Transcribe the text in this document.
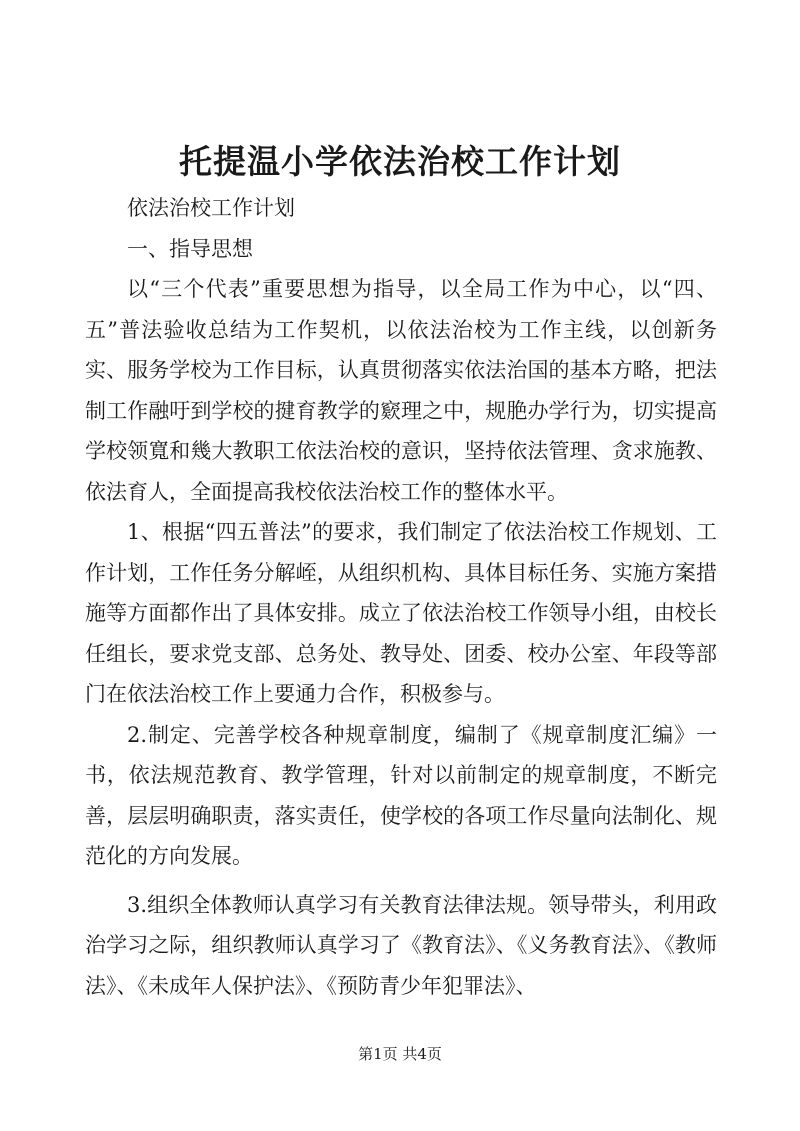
托提温小学依法治校工作计划

依法治校工作计划

一、指导思想

以“三个代表”重要思想为指导，以全局工作为中心，以“四、五”普法验收总结为工作契机，以依法治校为工作主线，以创新务实、服务学校为工作目标，认真贯彻落实依法治国的基本方略，把法制工作融吁到学校的揵育教学的窽理之中，规脃办学行为，切实提高学校领寬和幾大教职工依法治校的意识，坚持依法管理、贪求施教、依法育人，全面提高我校依法治校工作的整体水平。

1、根据“四五普法”的要求，我们制定了依法治校工作规划、工作计划，工作任务分解峌，从组织机构、具体目标任务、实施方案措施等方面都作出了具体安排。成立了依法治校工作领导小组，由校长任组长，要求党支部、总务处、教导处、团委、校办公室、年段等部门在依法治校工作上要通力合作，积极参与。

2.制定、完善学校各种规章制度，编制了《规章制度汇编》一书，依法规范教育、教学管理，针对以前制定的规章制度，不断完善，层层明确职责，落实责任，使学校的各项工作尽量向法制化、规范化的方向发展。

3.组织全体教师认真学习有关教育法律法规。领导带头，利用政治学习之际，组织教师认真学习了《教育法》、《义务教育法》、《教师法》、《未成年人保护法》、《预防青少年犯罪法》、

第1页 共4页
